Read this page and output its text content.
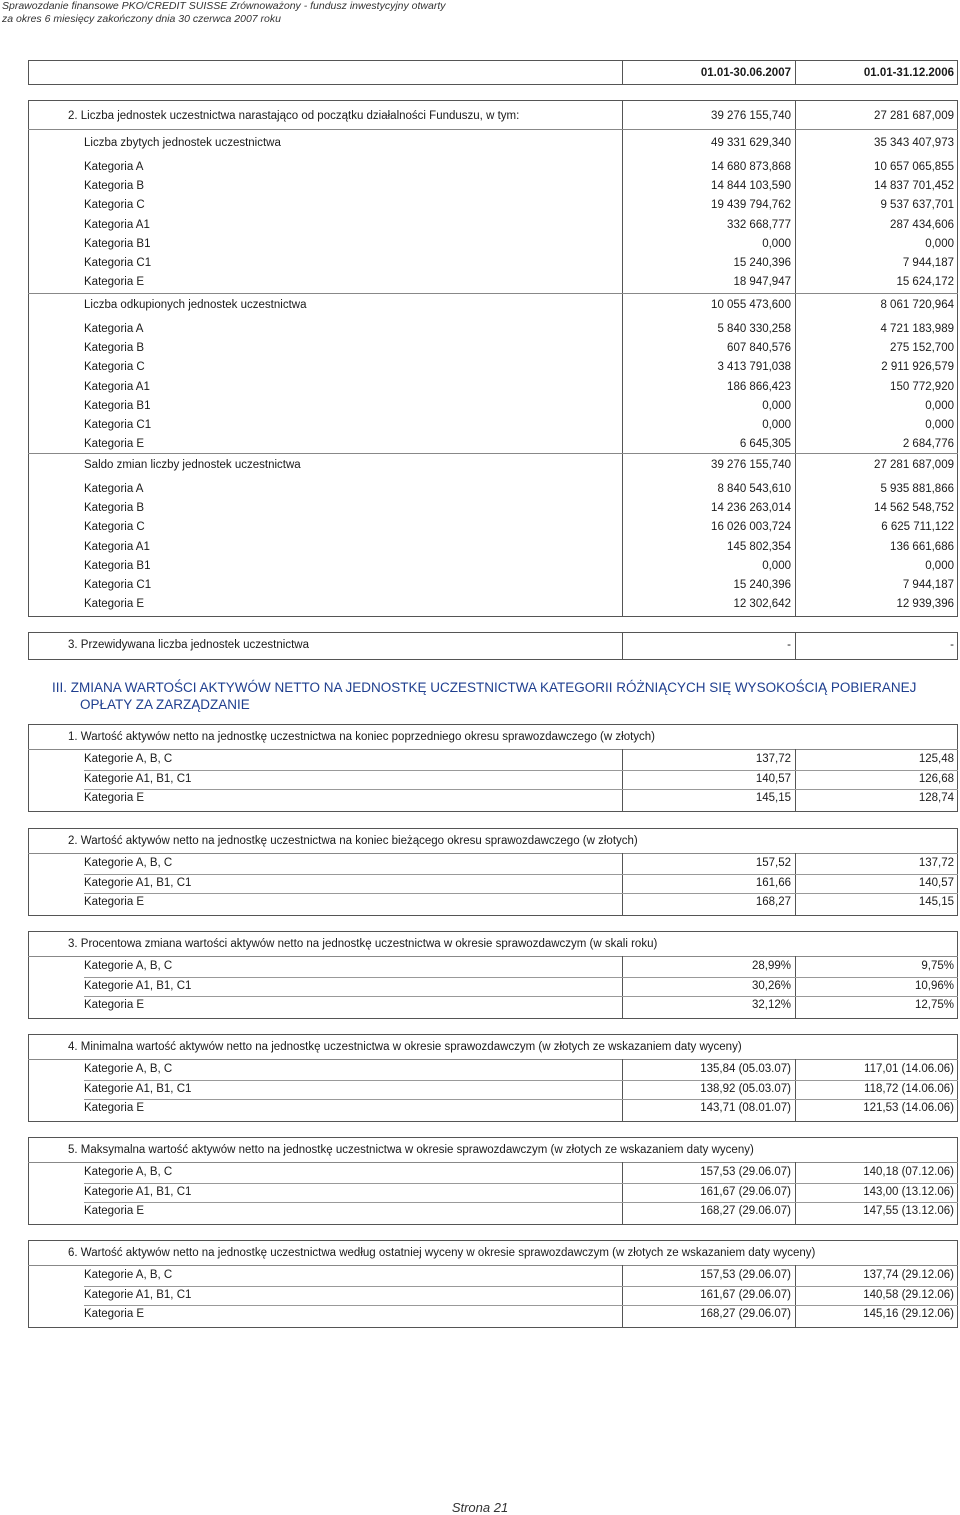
Sprawozdanie finansowe PKO/CREDIT SUISSE Zrównoważony - fundusz inwestycyjny otwarty
za okres 6 miesięcy zakończony dnia 30 czerwca 2007 roku
01.01-30.06.2007	01.01-31.12.2006
III. ZMIANA WARTOŚCI AKTYWÓW NETTO NA JEDNOSTKĘ UCZESTNICTWA KATEGORII RÓŻNIĄCYCH SIĘ WYSOKOŚCIĄ POBIERANEJ
OPŁATY ZA ZARZĄDZANIE
2. Liczba jednostek uczestnictwa narastająco od początku działalności Funduszu, w tym:	39 276 155,740	27 281 687,009
Liczba zbytych jednostek uczestnictwa	49 331 629,340	35 343 407,973
Kategoria A	14 680 873,868	10 657 065,855
Kategoria B	14 844 103,590	14 837 701,452
Kategoria C	19 439 794,762	9 537 637,701
Kategoria A1	332 668,777	287 434,606
Kategoria B1	0,000	0,000
Kategoria C1	15 240,396	7 944,187
Kategoria E	18 947,947	15 624,172
Liczba odkupionych jednostek uczestnictwa	10 055 473,600	8 061 720,964
Kategoria A	5 840 330,258	4 721 183,989
Kategoria B	607 840,576	275 152,700
Kategoria C	3 413 791,038	2 911 926,579
Kategoria A1	186 866,423	150 772,920
Kategoria B1	0,000	0,000
Kategoria C1	0,000	0,000
Kategoria E	6 645,305	2 684,776
Saldo zmian liczby jednostek uczestnictwa	39 276 155,740	27 281 687,009
Kategoria A	8 840 543,610	5 935 881,866
Kategoria B	14 236 263,014	14 562 548,752
Kategoria C	16 026 003,724	6 625 711,122
Kategoria A1	145 802,354	136 661,686
Kategoria B1	0,000	0,000
Kategoria C1	15 240,396	7 944,187
Kategoria E	12 302,642	12 939,396
3. Przewidywana liczba jednostek uczestnictwa	-	-
1. Wartość aktywów netto na jednostkę uczestnictwa na koniec poprzedniego okresu sprawozdawczego (w złotych)
Kategorie A, B, C	137,72	125,48
Kategorie A1, B1, C1	140,57	126,68
Kategoria E	145,15	128,74
2. Wartość aktywów netto na jednostkę uczestnictwa na koniec bieżącego okresu sprawozdawczego (w złotych)
Kategorie A, B, C	157,52	137,72
Kategorie A1, B1, C1	161,66	140,57
Kategoria E	168,27	145,15
3. Procentowa zmiana wartości aktywów netto na jednostkę uczestnictwa w okresie sprawozdawczym (w skali roku)
Kategorie A, B, C	28,99%	9,75%
Kategorie A1, B1, C1	30,26%	10,96%
Kategoria E	32,12%	12,75%
4. Minimalna wartość aktywów netto na jednostkę uczestnictwa w okresie sprawozdawczym (w złotych ze wskazaniem daty wyceny)
Kategorie A, B, C	135,84 (05.03.07)	117,01 (14.06.06)
Kategorie A1, B1, C1	138,92 (05.03.07)	118,72 (14.06.06)
Kategoria E	143,71 (08.01.07)	121,53 (14.06.06)
5. Maksymalna wartość aktywów netto na jednostkę uczestnictwa w okresie sprawozdawczym (w złotych ze wskazaniem daty wyceny)
Kategorie A, B, C	157,53 (29.06.07)	140,18 (07.12.06)
Kategorie A1, B1, C1	161,67 (29.06.07)	143,00 (13.12.06)
Kategoria E	168,27 (29.06.07)	147,55 (13.12.06)
6. Wartość aktywów netto na jednostkę uczestnictwa według ostatniej wyceny w okresie sprawozdawczym (w złotych ze wskazaniem daty wyceny)
Kategorie A, B, C	157,53 (29.06.07)	137,74 (29.12.06)
Kategorie A1, B1, C1	161,67 (29.06.07)	140,58 (29.12.06)
Kategoria E	168,27 (29.06.07)	145,16 (29.12.06)
Strona 21
